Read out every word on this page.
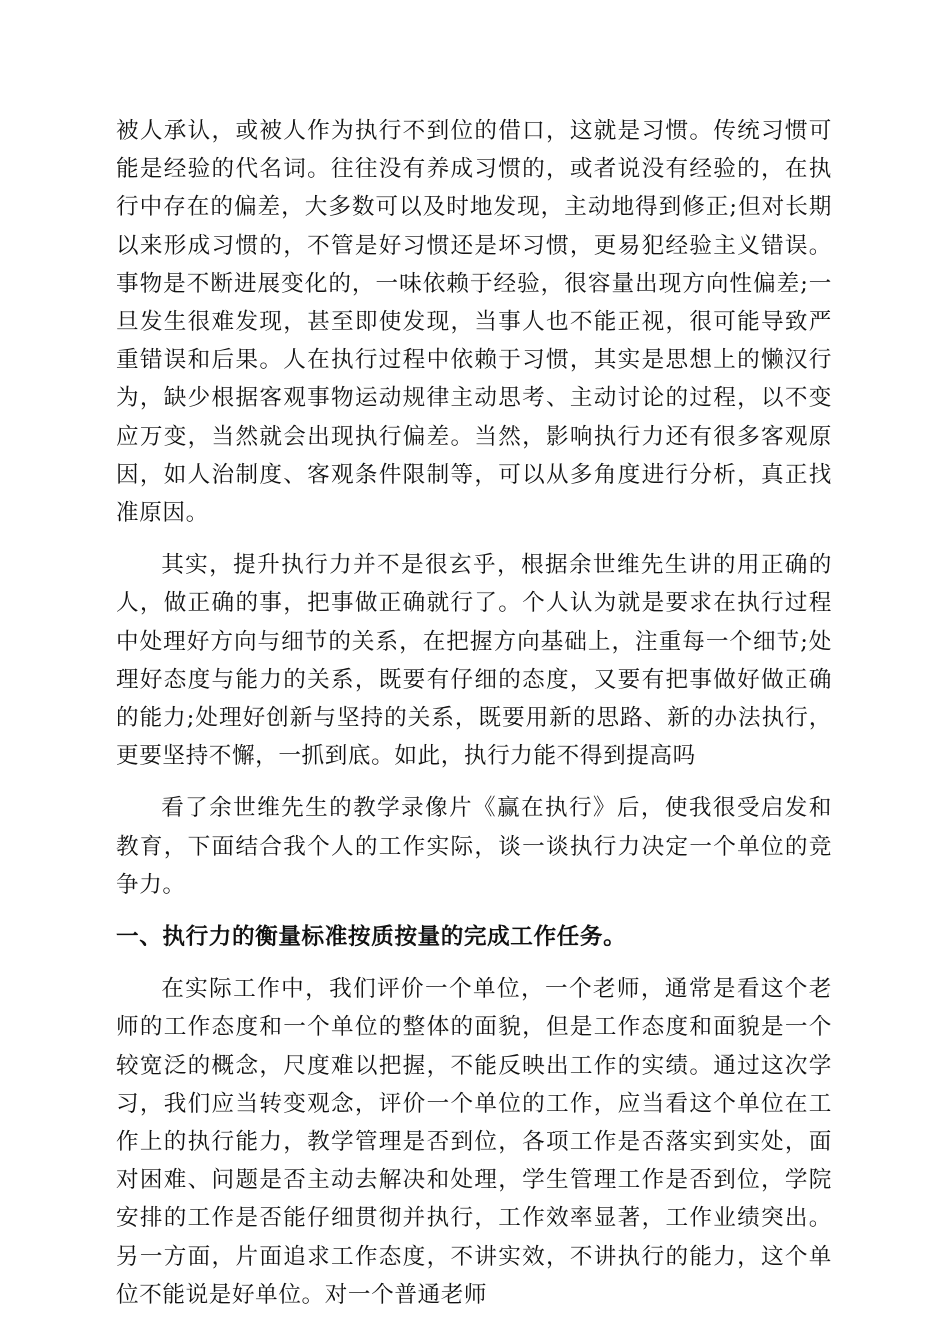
被人承认，或被人作为执行不到位的借口，这就是习惯。传统习惯可能是经验的代名词。往往没有养成习惯的，或者说没有经验的，在执行中存在的偏差，大多数可以及时地发现，主动地得到修正;但对长期以来形成习惯的，不管是好习惯还是坏习惯，更易犯经验主义错误。事物是不断进展变化的，一味依赖于经验，很容量出现方向性偏差;一旦发生很难发现，甚至即使发现，当事人也不能正视，很可能导致严重错误和后果。人在执行过程中依赖于习惯，其实是思想上的懒汉行为，缺少根据客观事物运动规律主动思考、主动讨论的过程，以不变应万变，当然就会出现执行偏差。当然，影响执行力还有很多客观原因，如人治制度、客观条件限制等，可以从多角度进行分析，真正找准原因。

其实，提升执行力并不是很玄乎，根据余世维先生讲的用正确的人，做正确的事，把事做正确就行了。个人认为就是要求在执行过程中处理好方向与细节的关系，在把握方向基础上，注重每一个细节;处理好态度与能力的关系，既要有仔细的态度，又要有把事做好做正确的能力;处理好创新与坚持的关系，既要用新的思路、新的办法执行，更要坚持不懈，一抓到底。如此，执行力能不得到提高吗

看了余世维先生的教学录像片《赢在执行》后，使我很受启发和教育，下面结合我个人的工作实际，谈一谈执行力决定一个单位的竞争力。

一、执行力的衡量标准按质按量的完成工作任务。

在实际工作中，我们评价一个单位，一个老师，通常是看这个老师的工作态度和一个单位的整体的面貌，但是工作态度和面貌是一个较宽泛的概念，尺度难以把握，不能反映出工作的实绩。通过这次学习，我们应当转变观念，评价一个单位的工作，应当看这个单位在工作上的执行能力，教学管理是否到位，各项工作是否落实到实处，面对困难、问题是否主动去解决和处理，学生管理工作是否到位，学院安排的工作是否能仔细贯彻并执行，工作效率显著，工作业绩突出。另一方面，片面追求工作态度，不讲实效，不讲执行的能力，这个单位不能说是好单位。对一个普通老师
